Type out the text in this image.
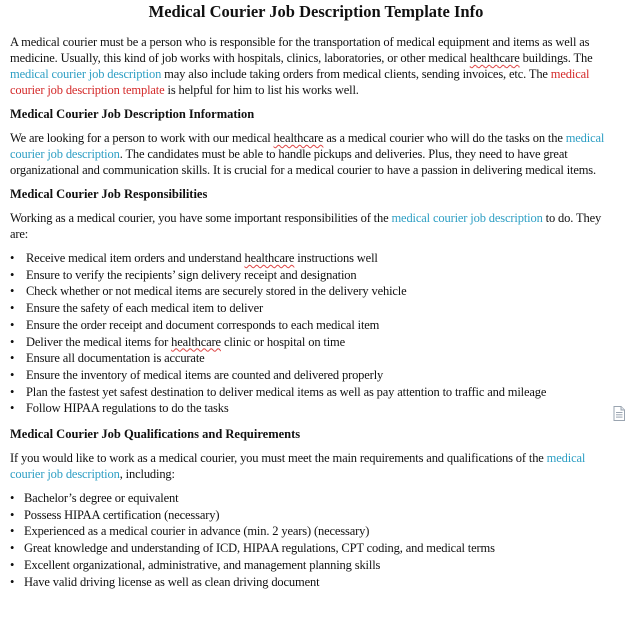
Medical Courier Job Description Template Info

A medical courier must be a person who is responsible for the transportation of medical equipment and items as well as medicine. Usually, this kind of job works with hospitals, clinics, laboratories, or other medical healthcare buildings. The medical courier job description may also include taking orders from medical clients, sending invoices, etc. The medical courier job description template is helpful for him to list his works well.

Medical Courier Job Description Information

We are looking for a person to work with our medical healthcare as a medical courier who will do the tasks on the medical courier job description. The candidates must be able to handle pickups and deliveries. Plus, they need to have great organizational and communication skills. It is crucial for a medical courier to have a passion in delivering medical items.

Medical Courier Job Responsibilities

Working as a medical courier, you have some important responsibilities of the medical courier job description to do. They are:

• Receive medical item orders and understand healthcare instructions well
• Ensure to verify the recipients’ sign delivery receipt and designation
• Check whether or not medical items are securely stored in the delivery vehicle
• Ensure the safety of each medical item to deliver
• Ensure the order receipt and document corresponds to each medical item
• Deliver the medical items for healthcare clinic or hospital on time
• Ensure all documentation is accurate
• Ensure the inventory of medical items are counted and delivered properly
• Plan the fastest yet safest destination to deliver medical items as well as pay attention to traffic and mileage
• Follow HIPAA regulations to do the tasks
Medical Courier Job Qualifications and Requirements

If you would like to work as a medical courier, you must meet the main requirements and qualifications of the medical courier job description, including:

• Bachelor’s degree or equivalent
• Possess HIPAA certification (necessary)
• Experienced as a medical courier in advance (min. 2 years) (necessary)
• Great knowledge and understanding of ICD, HIPAA regulations, CPT coding, and medical terms
• Excellent organizational, administrative, and management planning skills
• Have valid driving license as well as clean driving document
